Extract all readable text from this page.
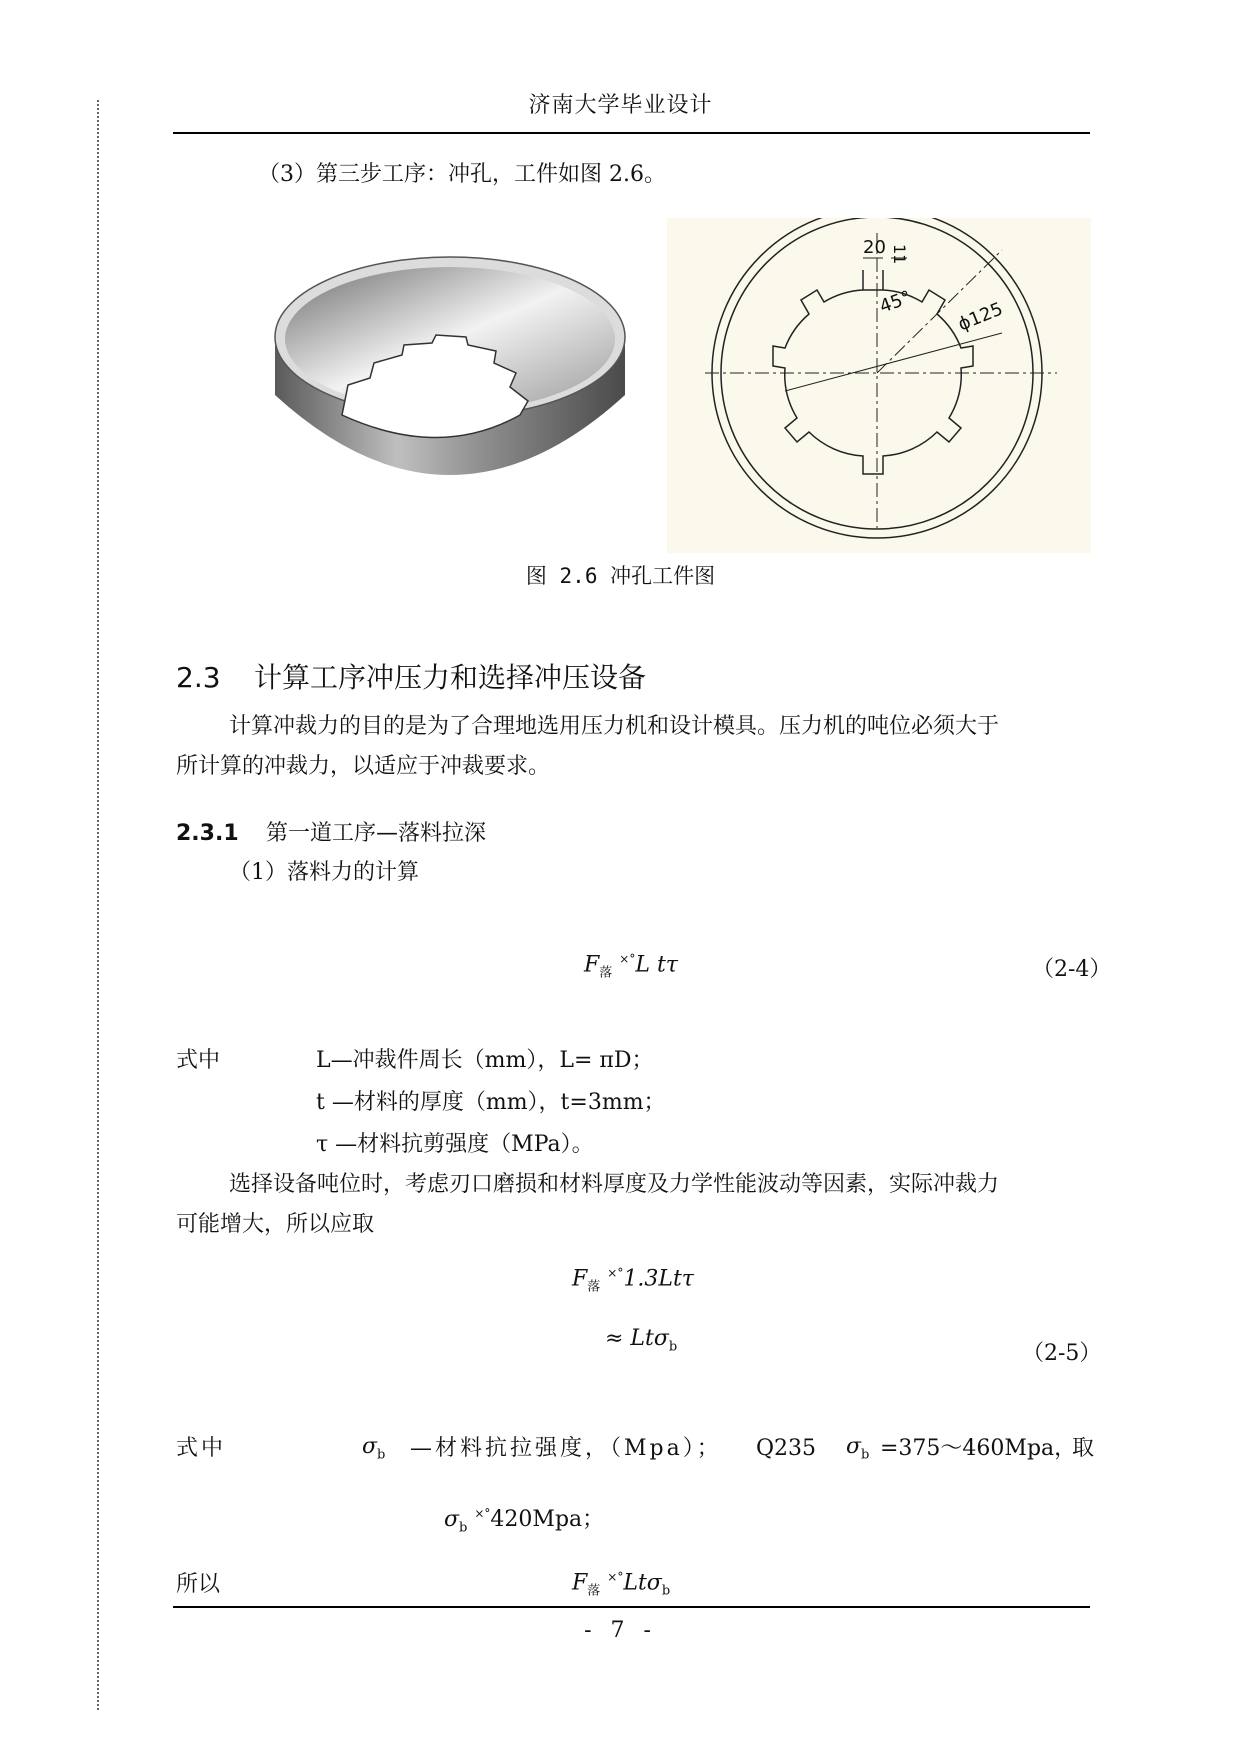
济南大学毕业设计
（3）第三步工序：冲孔，工件如图 2.6。
20 11
45° ϕ125
图 2.6 冲孔工件图
2.3 计算工序冲压力和选择冲压设备
计算冲裁力的目的是为了合理地选用压力机和设计模具。压力机的吨位必须大于
所计算的冲裁力，以适应于冲裁要求。
2.3.1 第一道工序—落料拉深
（1）落料力的计算
$F_落$ ×°L tτ	（2-4）
式中	L—冲裁件周长（mm），L= πD；
t —材料的厚度（mm），t=3mm；
τ —材料抗剪强度（MPa）。
选择设备吨位时，考虑刃口磨损和材料厚度及力学性能波动等因素，实际冲裁力
可能增大，所以应取
$F_落$ ×°1.3Ltτ
≈ Ltσ$_b$	（2-5）
式中	$\sigma_b$ —材料抗拉强度，（Mpa）； Q235 $\sigma_b$ =375～460Mpa，
取
$\sigma_b$ ×°420Mpa；
所以	$F_落$ ×°Ltσ$_b$
- 7 -
